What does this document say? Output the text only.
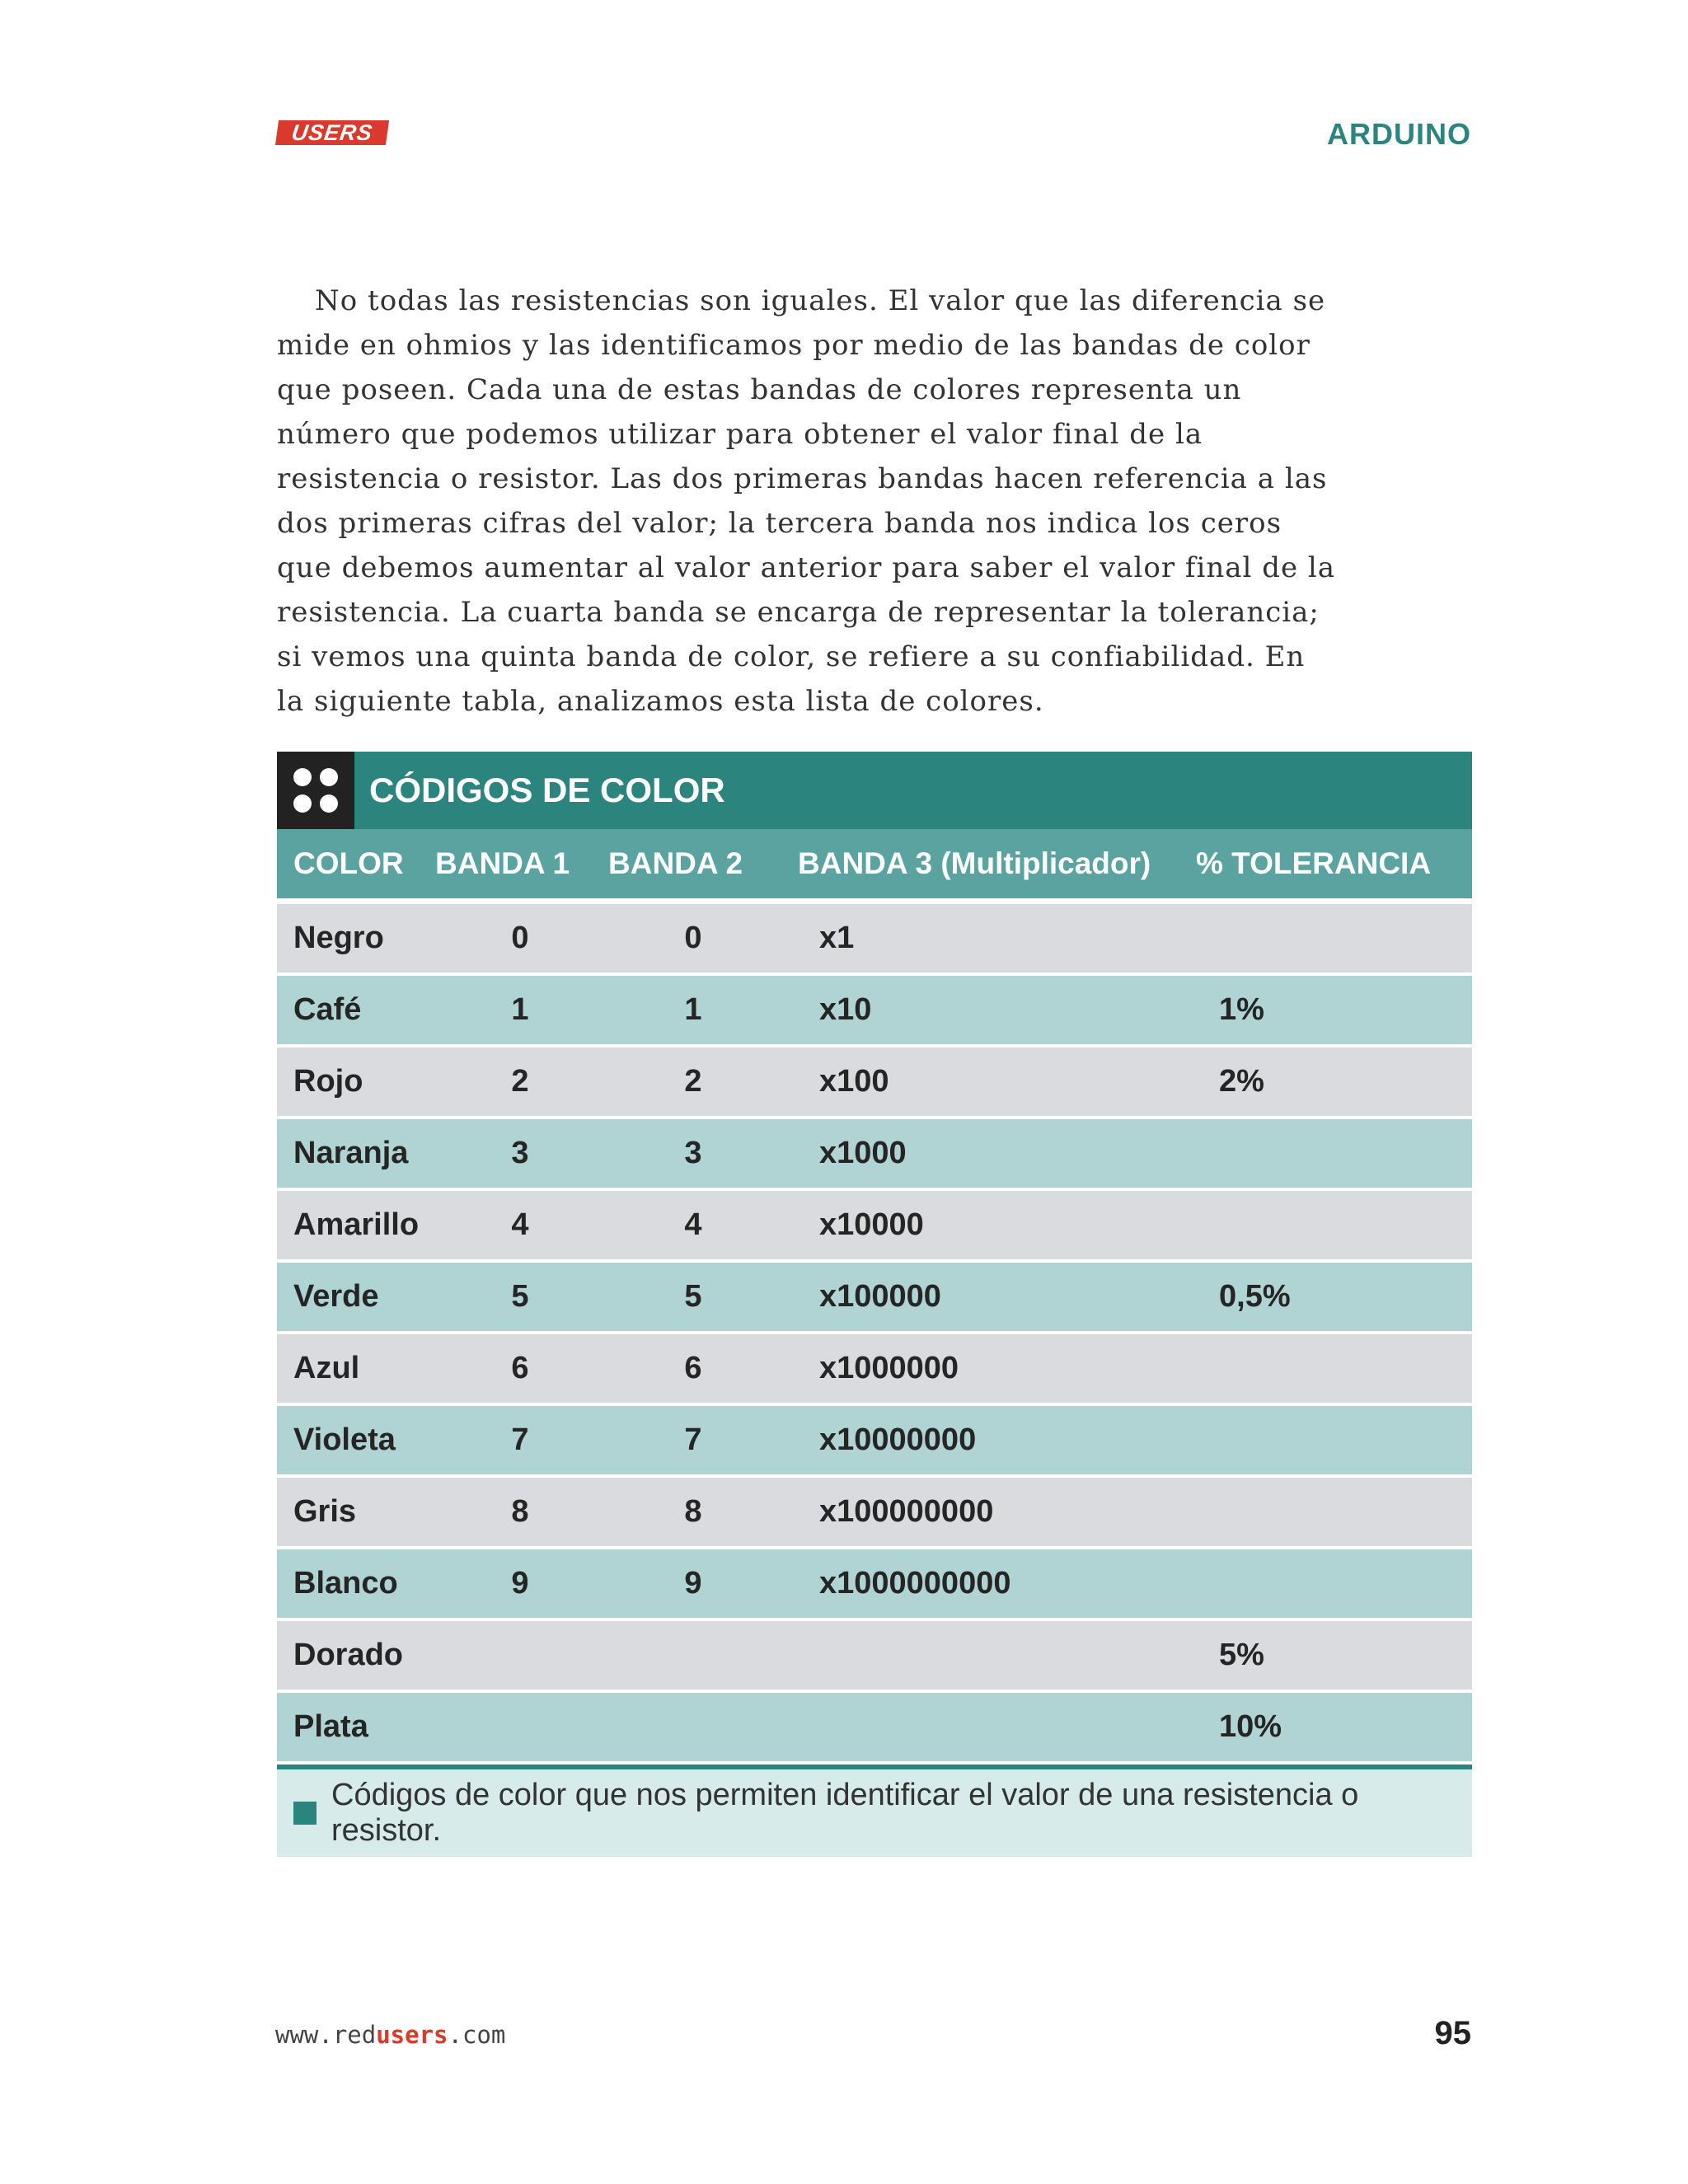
USERS	ARDUINO

No todas las resistencias son iguales. El valor que las diferencia se mide en ohmios y las identificamos por medio de las bandas de color que poseen. Cada una de estas bandas de colores representa un número que podemos utilizar para obtener el valor final de la resistencia o resistor. Las dos primeras bandas hacen referencia a las dos primeras cifras del valor; la tercera banda nos indica los ceros que debemos aumentar al valor anterior para saber el valor final de la resistencia. La cuarta banda se encarga de representar la tolerancia; si vemos una quinta banda de color, se refiere a su confiabilidad. En la siguiente tabla, analizamos esta lista de colores.

CÓDIGOS DE COLOR
COLOR	BANDA 1	BANDA 2	BANDA 3 (Multiplicador)	% TOLERANCIA
Negro	0	0	x1	
Café	1	1	x10	1%
Rojo	2	2	x100	2%
Naranja	3	3	x1000	
Amarillo	4	4	x10000	
Verde	5	5	x100000	0,5%
Azul	6	6	x1000000	
Violeta	7	7	x10000000	
Gris	8	8	x100000000	
Blanco	9	9	x1000000000	
Dorado				5%
Plata				10%
Códigos de color que nos permiten identificar el valor de una resistencia o resistor.
www.redusers.com	95
